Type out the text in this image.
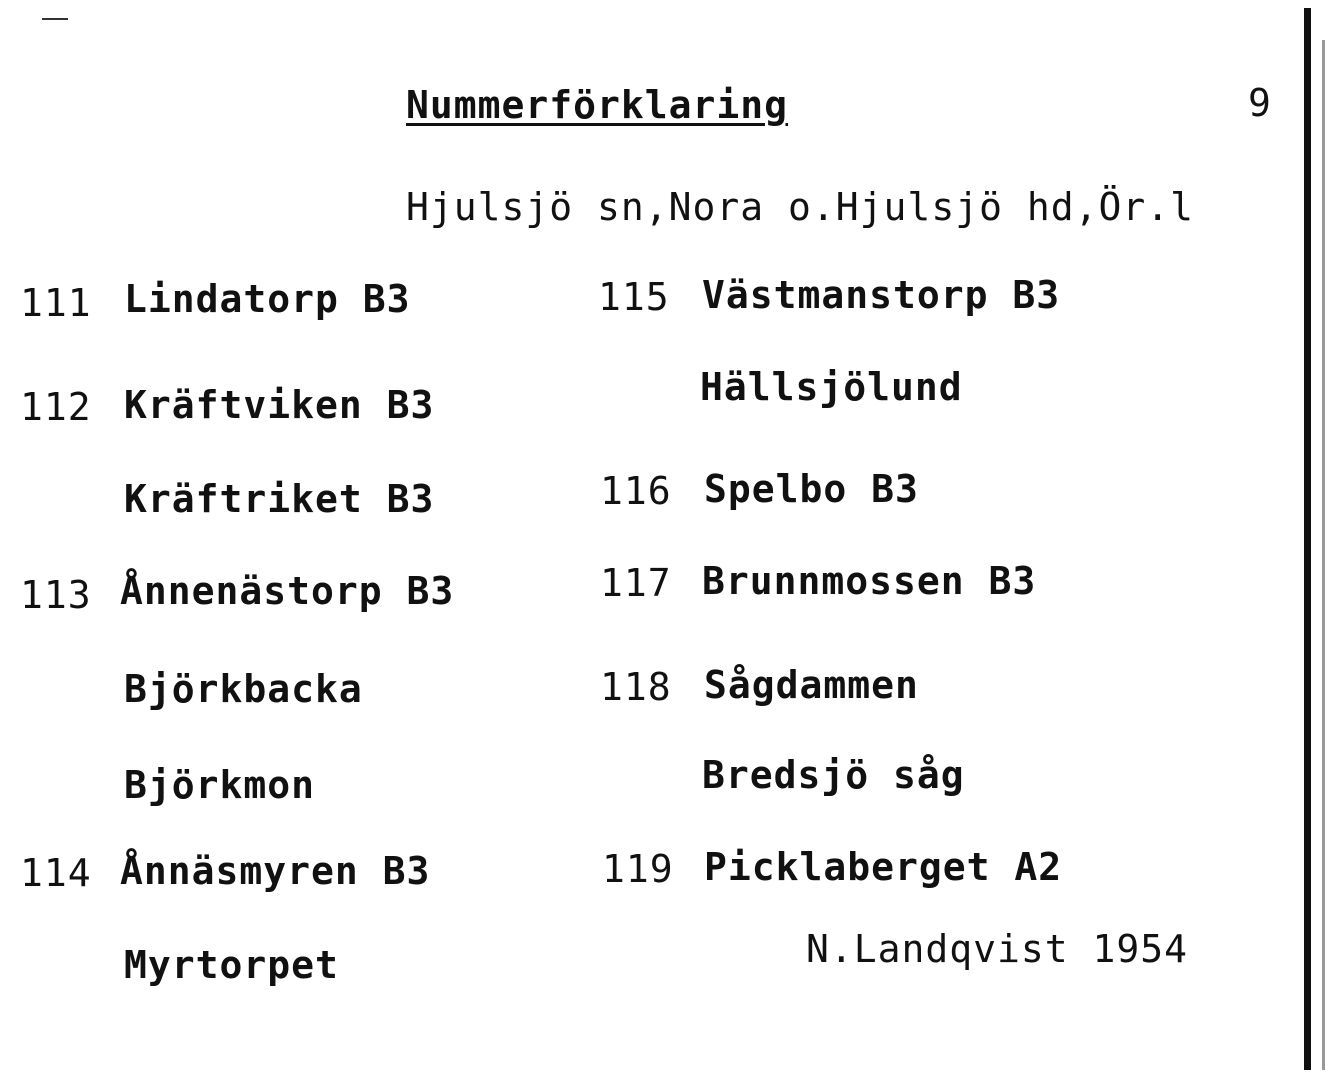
Nummerförklaring	9
Hjulsjö sn,Nora o.Hjulsjö hd,Ör.l
111 Lindatorp B3
112 Kräftviken B3
Kräftriket B3
113 Ånnenästorp B3
Björkbacka
Björkmon
114 Ånnäsmyren B3
Myrtorpet
115 Västmanstorp B3
Hällsjölund
116 Spelbo B3
117 Brunnmossen B3
118 Sågdammen
Bredsjö såg
119 Picklaberget A2
N.Landqvist 1954
